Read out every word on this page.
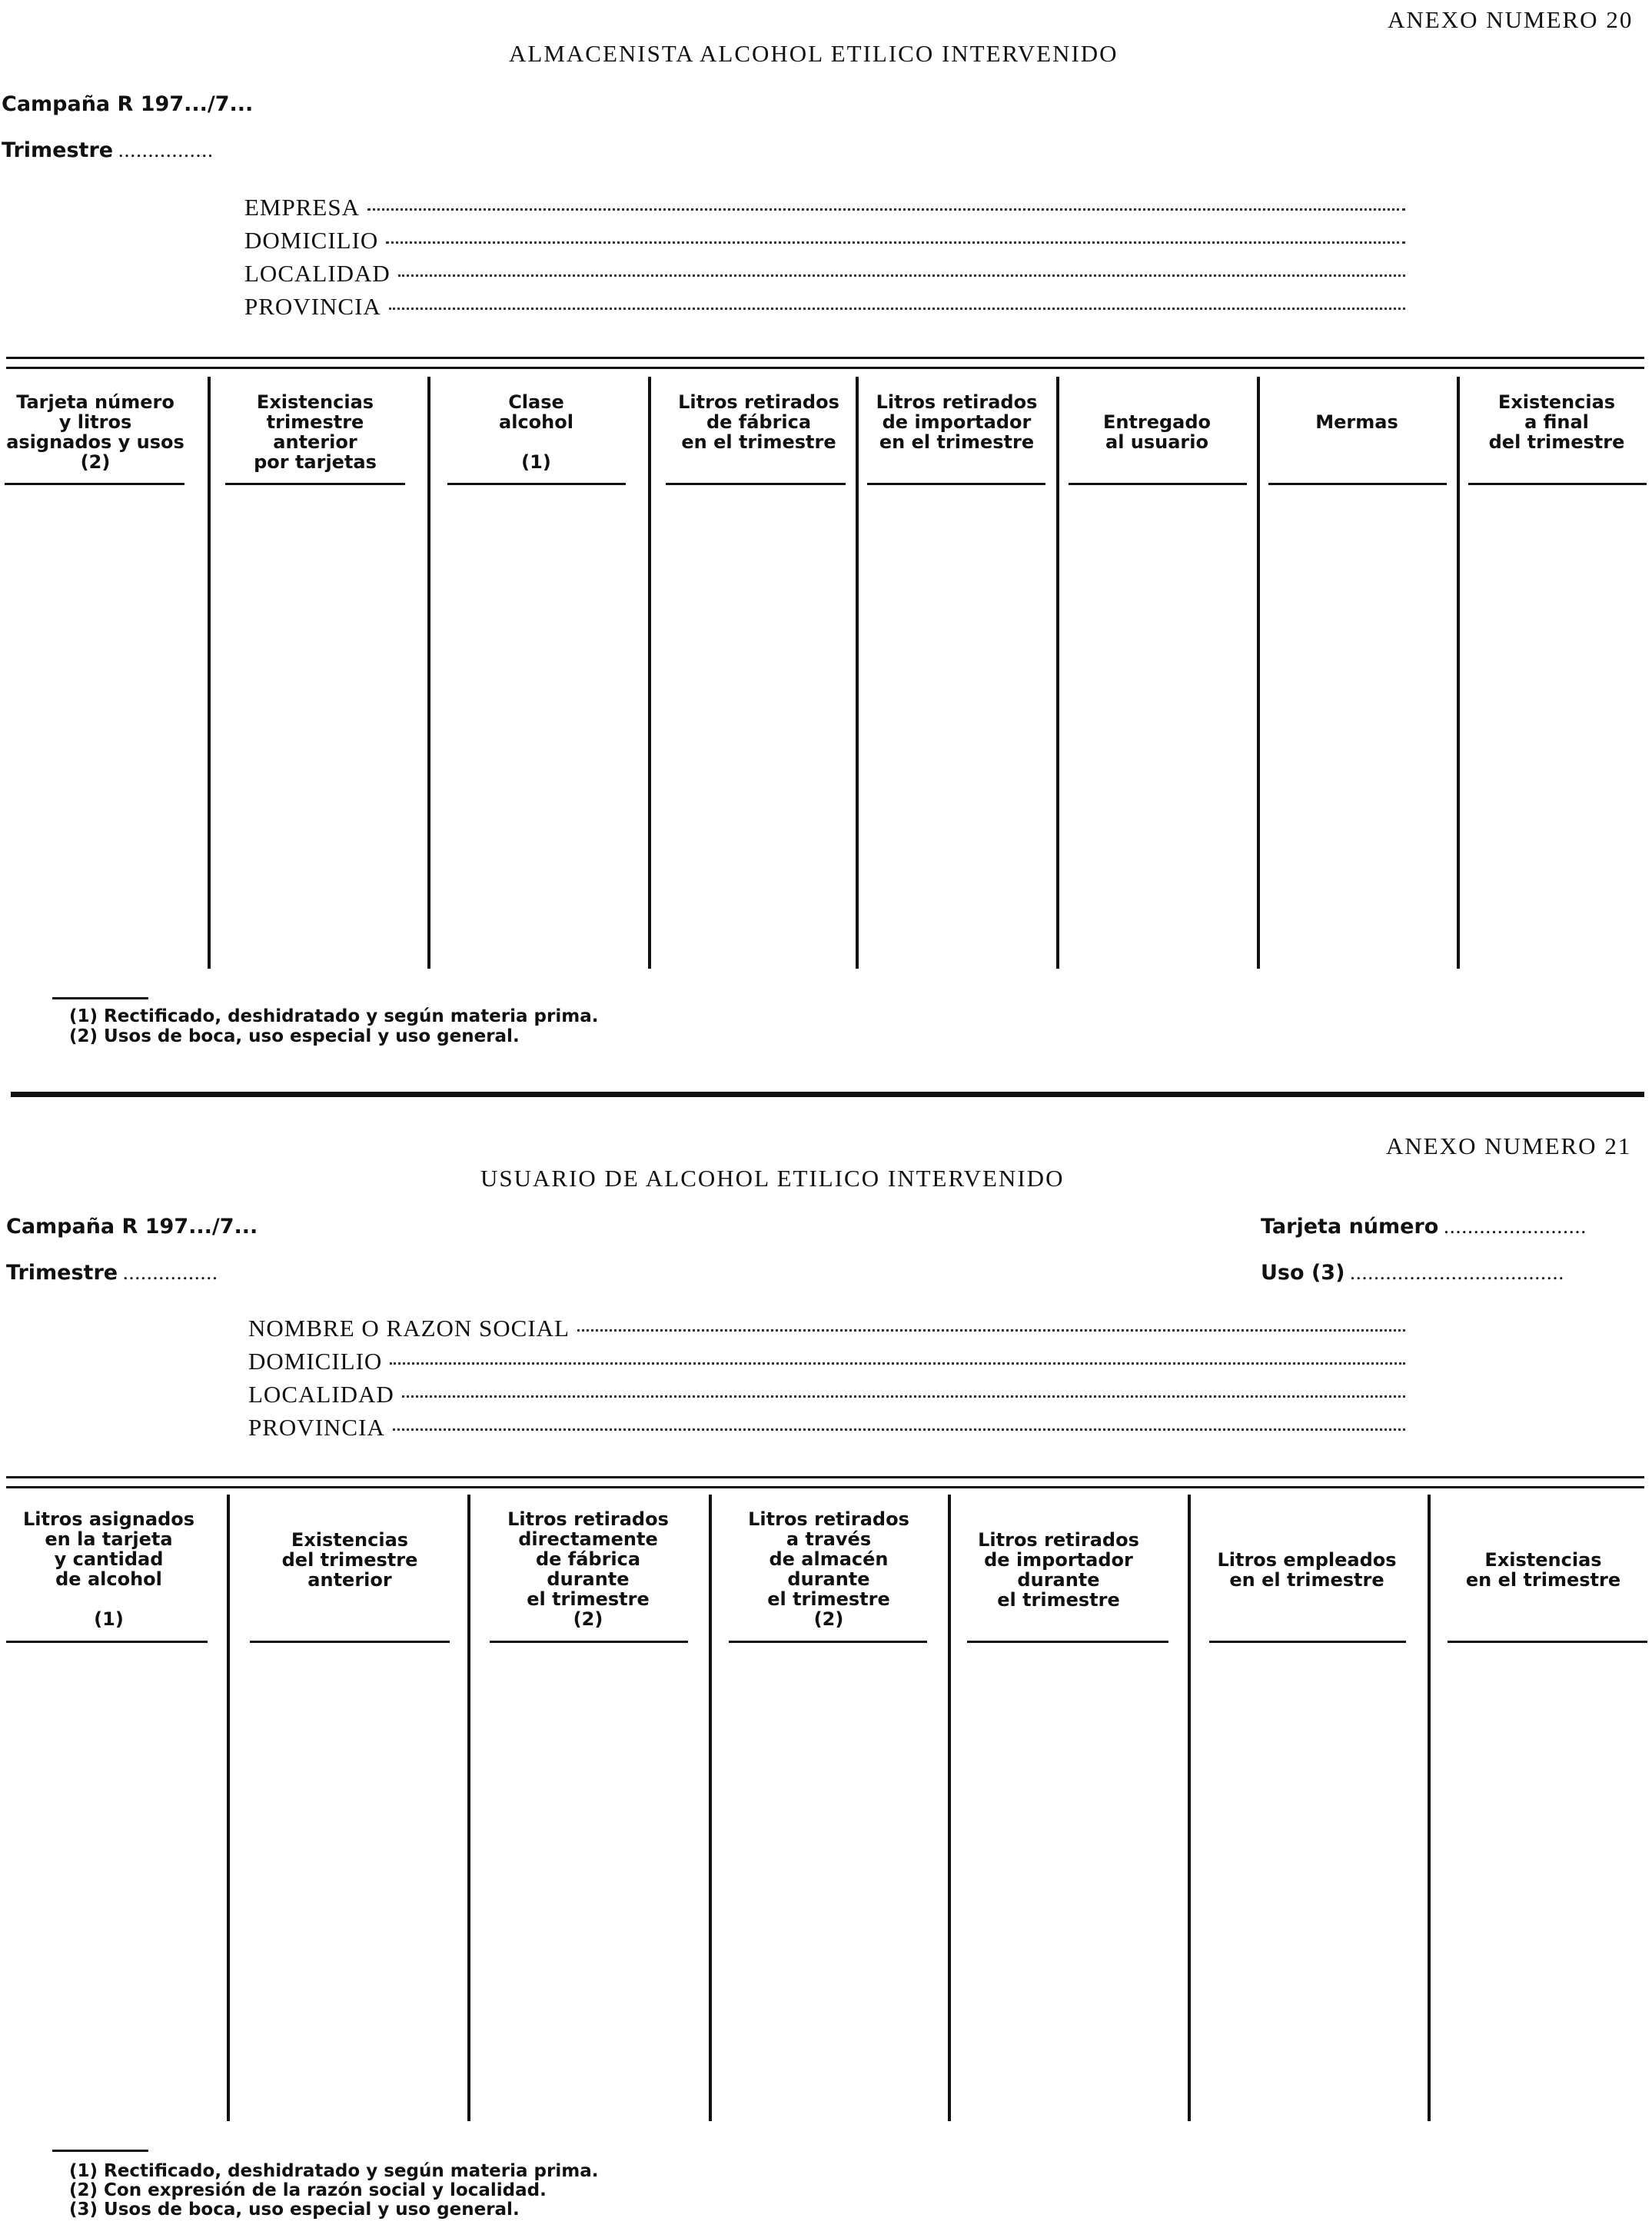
ANEXO NUMERO 20
ALMACENISTA ALCOHOL ETILICO INTERVENIDO
Campaña R 197.../7...
Trimestre ................
EMPRESA
DOMICILIO
LOCALIDAD
PROVINCIA
Tarjeta número
y litros
asignados y usos
(2)
Existencias
trimestre
anterior
por tarjetas
Clase
alcohol

(1)
Litros retirados
de fábrica
en el trimestre
Litros retirados
de importador
en el trimestre
Entregado
al usuario
Mermas
Existencias
a final
del trimestre
(1) Rectificado, deshidratado y según materia prima.
(2) Usos de boca, uso especial y uso general.
ANEXO NUMERO 21
USUARIO DE ALCOHOL ETILICO INTERVENIDO
Campaña R 197.../7...
Trimestre ................
Tarjeta número ........................
Uso (3) ....................................
NOMBRE O RAZON SOCIAL
DOMICILIO
LOCALIDAD
PROVINCIA
Litros asignados
en la tarjeta
y cantidad
de alcohol

(1)
Existencias
del trimestre
anterior
Litros retirados
directamente
de fábrica
durante
el trimestre
(2)
Litros retirados
a través
de almacén
durante
el trimestre
(2)
Litros retirados
de importador
durante
el trimestre
Litros empleados
en el trimestre
Existencias
en el trimestre
(1) Rectificado, deshidratado y según materia prima.
(2) Con expresión de la razón social y localidad.
(3) Usos de boca, uso especial y uso general.
